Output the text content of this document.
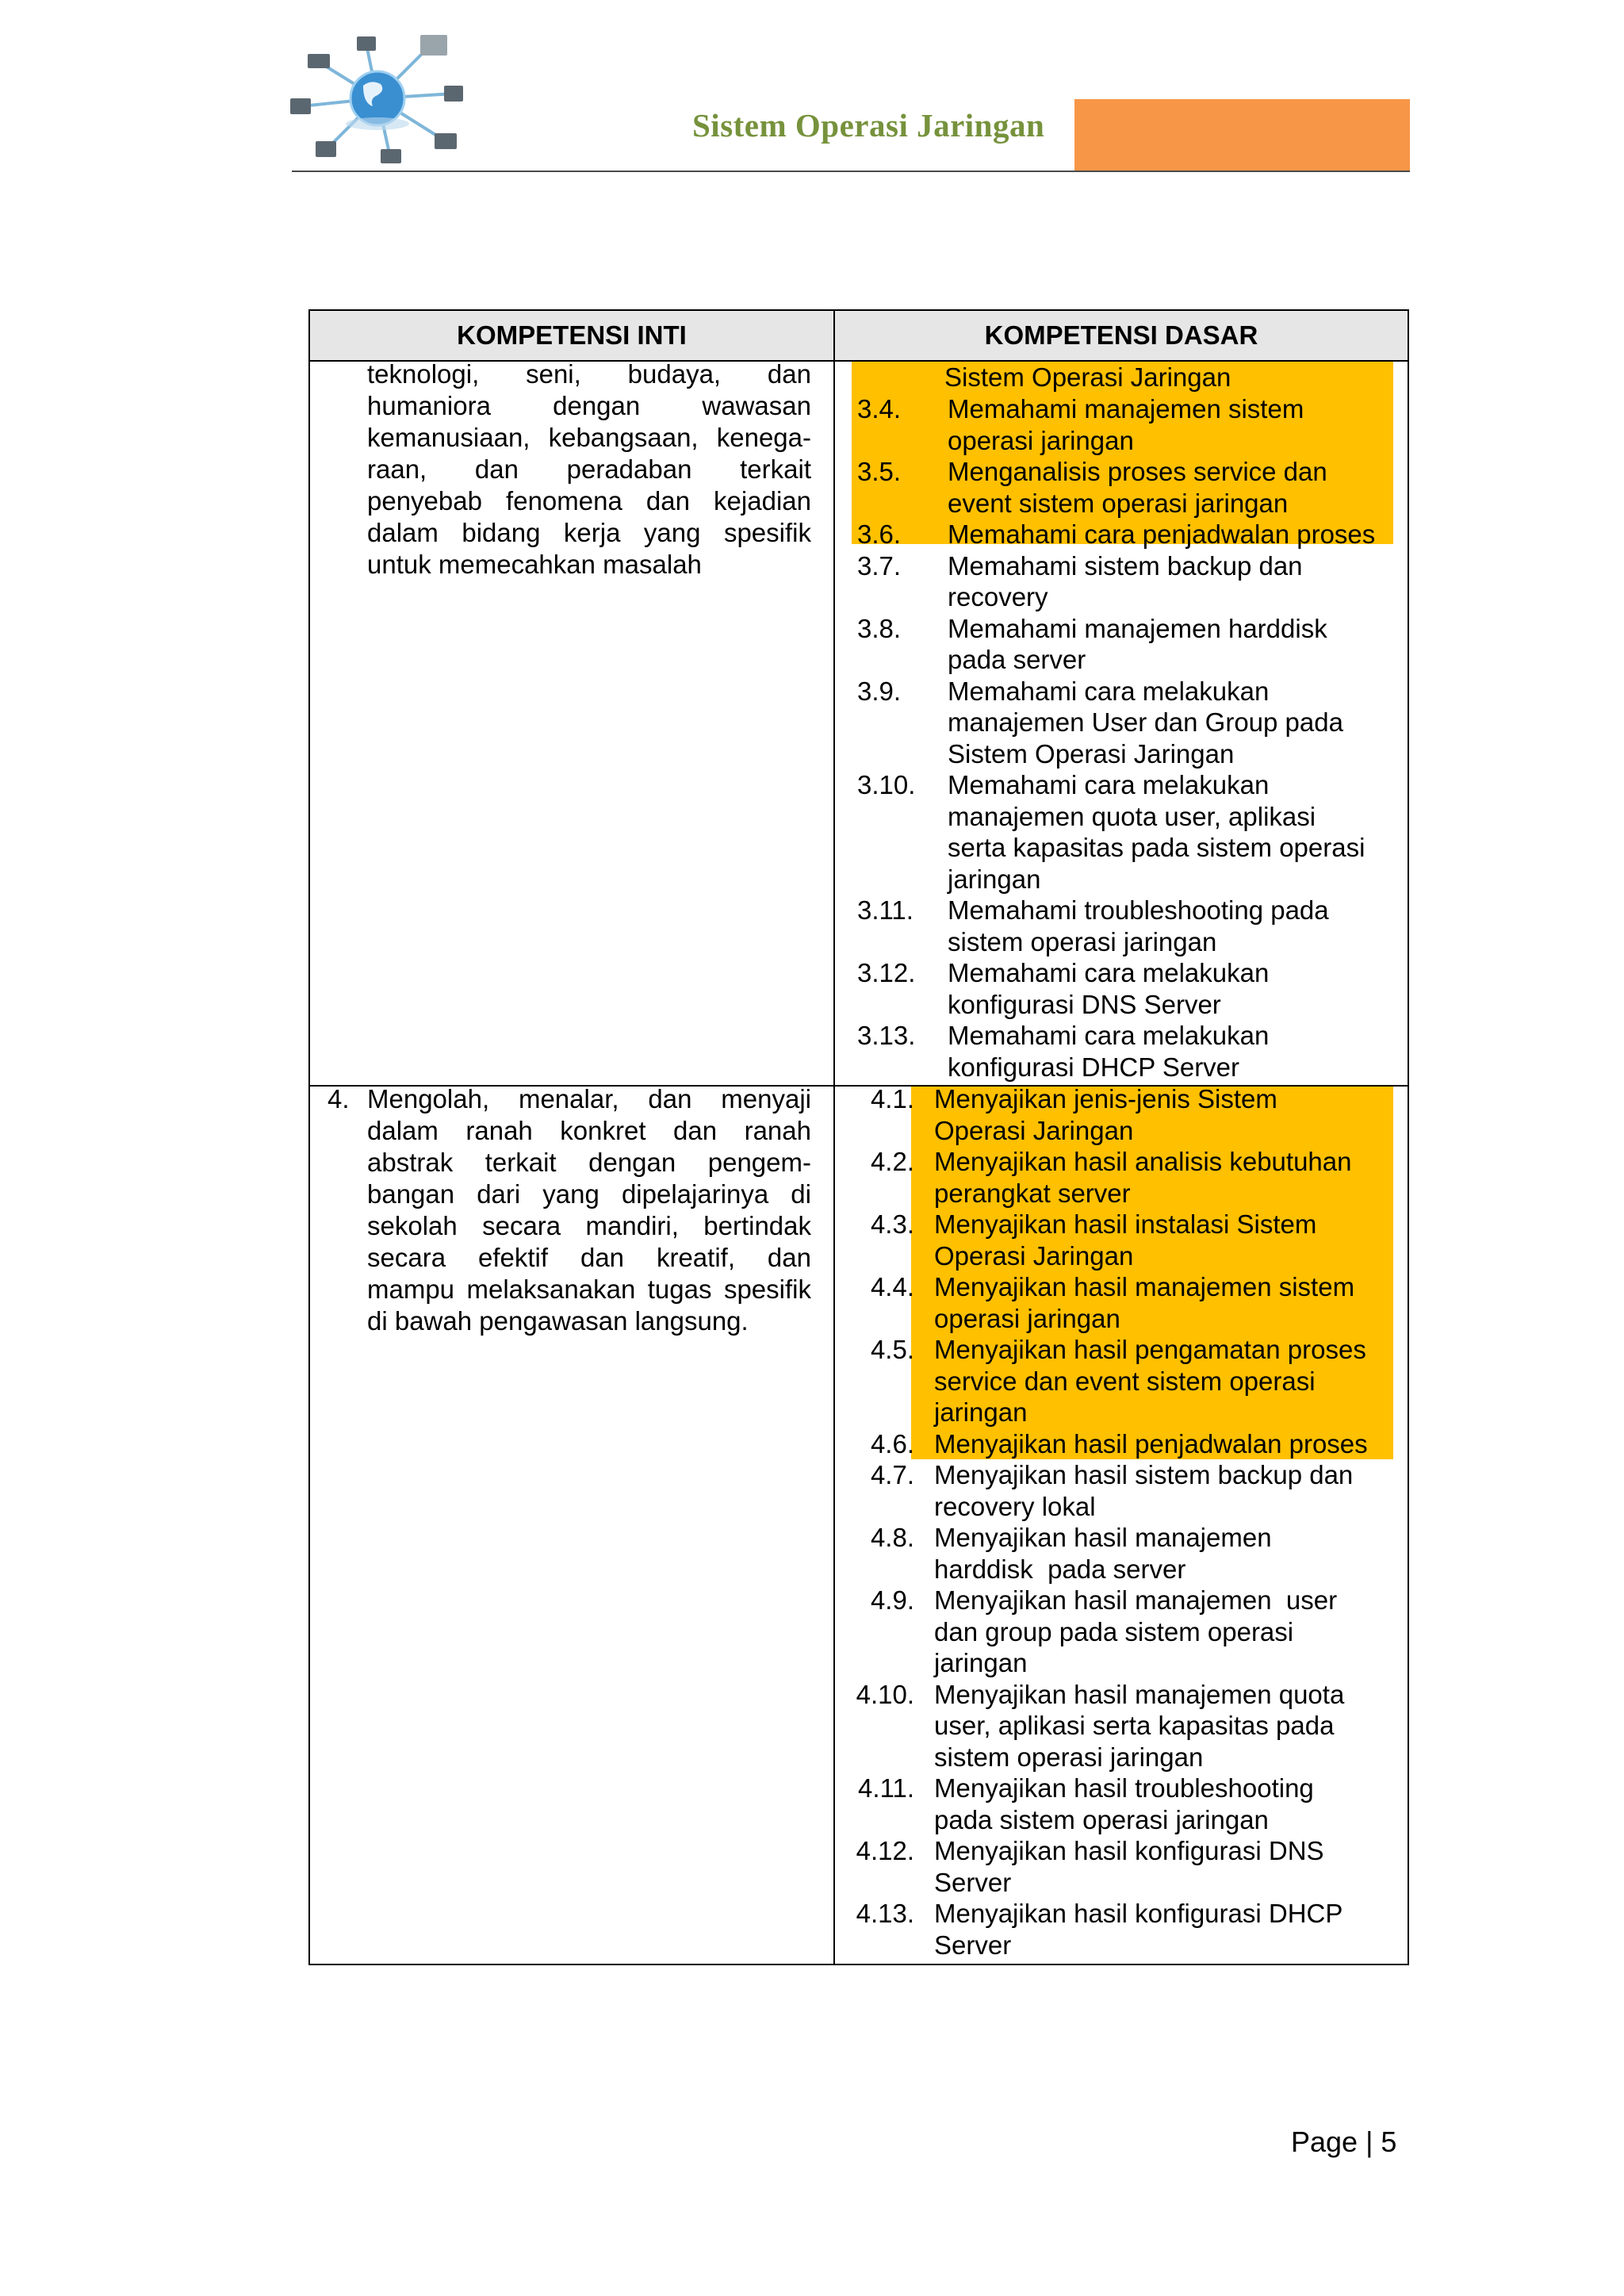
Sistem Operasi Jaringan
KOMPETENSI INTI	KOMPETENSI DASAR
teknologi, seni, budaya, dan
humaniora dengan wawasan
kemanusiaan, kebangsaan, kenega-
raan, dan peradaban terkait
penyebab fenomena dan kejadian
dalam bidang kerja yang spesifik
untuk memecahkan masalah
4. Mengolah, menalar, dan menyaji
dalam ranah konkret dan ranah
abstrak terkait dengan pengem-
bangan dari yang dipelajarinya di
sekolah secara mandiri, bertindak
secara efektif dan kreatif, dan
mampu melaksanakan tugas spesifik
di bawah pengawasan langsung.
Sistem Operasi Jaringan
3.4. Memahami manajemen sistem
operasi jaringan
3.5. Menganalisis proses service dan
event sistem operasi jaringan
3.6. Memahami cara penjadwalan proses
3.7. Memahami sistem backup dan
recovery
3.8. Memahami manajemen harddisk
pada server
3.9. Memahami cara melakukan
manajemen User dan Group pada
Sistem Operasi Jaringan
3.10. Memahami cara melakukan
manajemen quota user, aplikasi
serta kapasitas pada sistem operasi
jaringan
3.11. Memahami troubleshooting pada
sistem operasi jaringan
3.12. Memahami cara melakukan
konfigurasi DNS Server
3.13. Memahami cara melakukan
konfigurasi DHCP Server
4.1. Menyajikan jenis-jenis Sistem
Operasi Jaringan
4.2. Menyajikan hasil analisis kebutuhan
perangkat server
4.3. Menyajikan hasil instalasi Sistem
Operasi Jaringan
4.4. Menyajikan hasil manajemen sistem
operasi jaringan
4.5. Menyajikan hasil pengamatan proses
service dan event sistem operasi
jaringan
4.6. Menyajikan hasil penjadwalan proses
4.7. Menyajikan hasil sistem backup dan
recovery lokal
4.8. Menyajikan hasil manajemen
harddisk  pada server
4.9. Menyajikan hasil manajemen  user
dan group pada sistem operasi
jaringan
4.10. Menyajikan hasil manajemen quota
user, aplikasi serta kapasitas pada
sistem operasi jaringan
4.11. Menyajikan hasil troubleshooting
pada sistem operasi jaringan
4.12. Menyajikan hasil konfigurasi DNS
Server
4.13. Menyajikan hasil konfigurasi DHCP
Server
Page | 5
